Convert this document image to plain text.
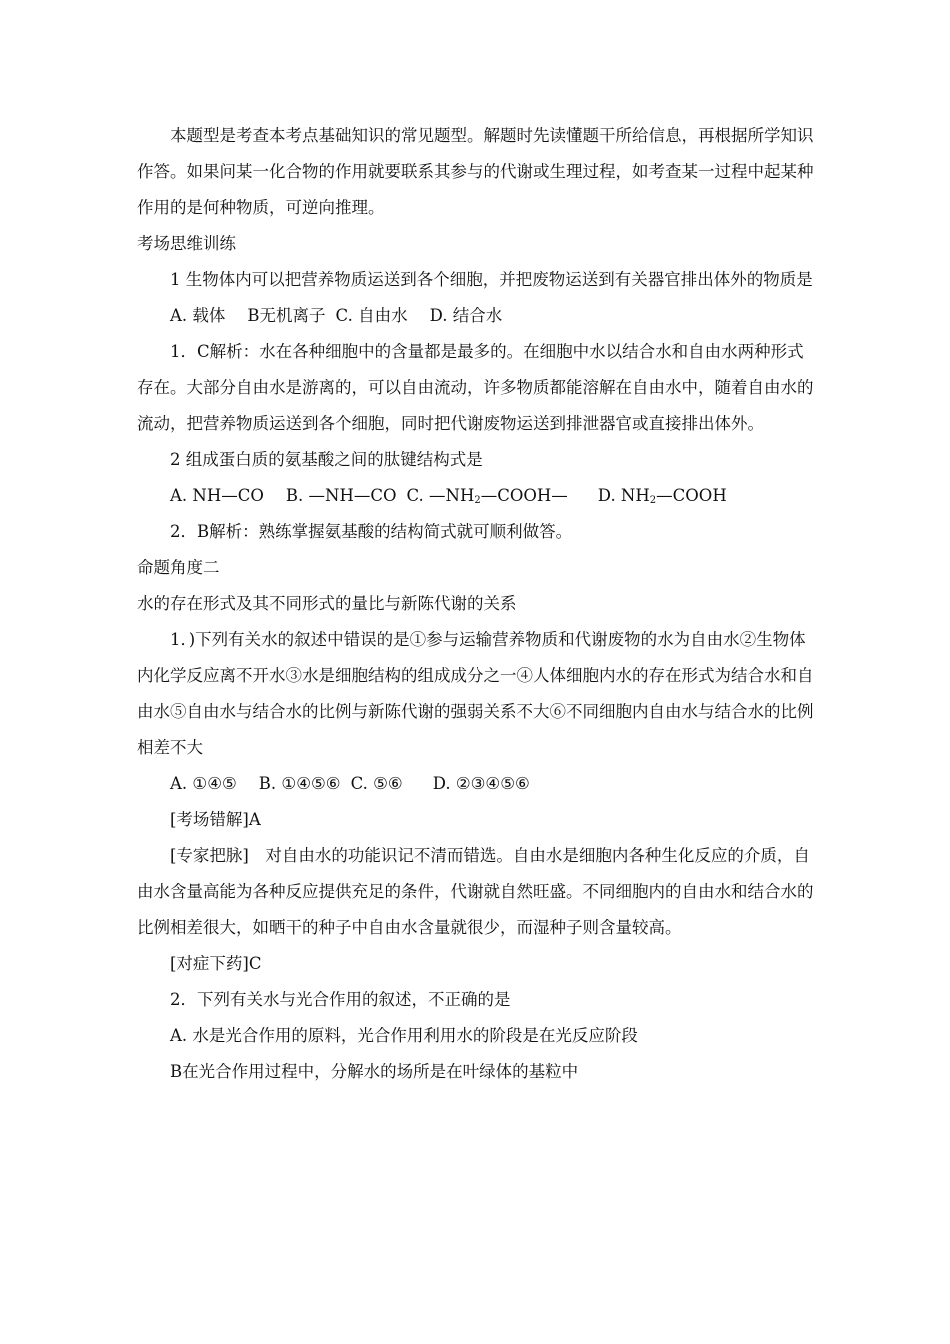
本题型是考查本考点基础知识的常见题型。解题时先读懂题干所给信息，再根据所学知识作答。如果问某一化合物的作用就要联系其参与的代谢或生理过程，如考查某一过程中起某种作用的是何种物质，可逆向推理。

考场思维训练

1 生物体内可以把营养物质运送到各个细胞，并把废物运送到有关器官排出体外的物质是

A. 载体 B无机离子 C. 自由水 D. 结合水

1．C解析：水在各种细胞中的含量都是最多的。在细胞中水以结合水和自由水两种形式存在。大部分自由水是游离的，可以自由流动，许多物质都能溶解在自由水中，随着自由水的流动，把营养物质运送到各个细胞，同时把代谢废物运送到排泄器官或直接排出体外。

2 组成蛋白质的氨基酸之间的肽键结构式是

A. NH—CO B. —NH—CO C. $—NH_2—COOH—$ D. $NH_2—COOH$

2．B解析：熟练掌握氨基酸的结构简式就可顺利做答。

命题角度二

水的存在形式及其不同形式的量比与新陈代谢的关系

1．)下列有关水的叙述中错误的是①参与运输营养物质和代谢废物的水为自由水②生物体内化学反应离不开水③水是细胞结构的组成成分之一④人体细胞内水的存在形式为结合水和自由水⑤自由水与结合水的比例与新陈代谢的强弱关系不大⑥不同细胞内自由水与结合水的比例相差不大

A. ①④⑤ B. ①④⑤⑥ C. ⑤⑥ D. ②③④⑤⑥

[考场错解]A

[专家把脉]　对自由水的功能识记不清而错选。自由水是细胞内各种生化反应的介质，自由水含量高能为各种反应提供充足的条件，代谢就自然旺盛。不同细胞内的自由水和结合水的比例相差很大，如晒干的种子中自由水含量就很少，而湿种子则含量较高。

[对症下药]C

2．下列有关水与光合作用的叙述，不正确的是

A. 水是光合作用的原料，光合作用利用水的阶段是在光反应阶段

B在光合作用过程中，分解水的场所是在叶绿体的基粒中
